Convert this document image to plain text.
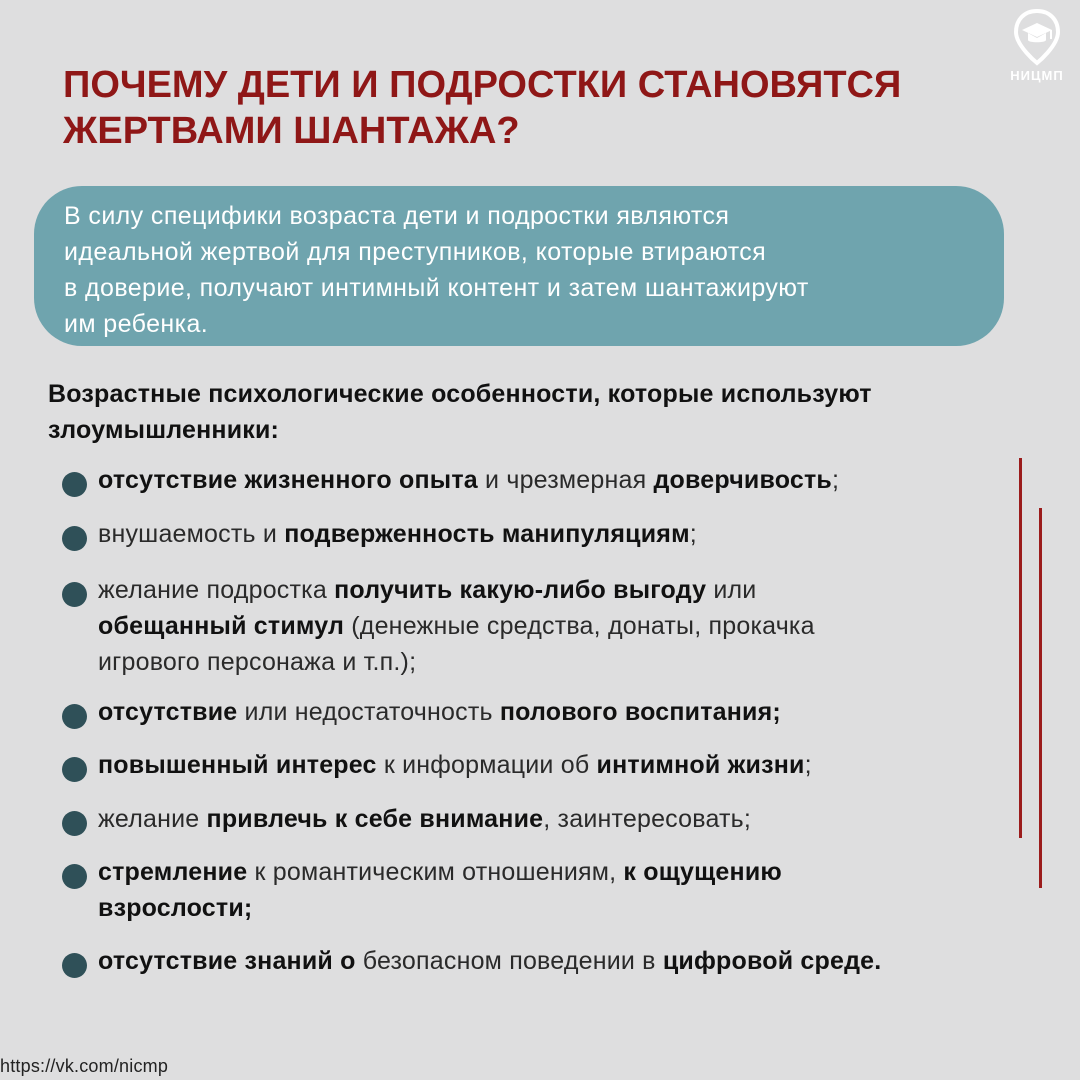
ПОЧЕМУ ДЕТИ И ПОДРОСТКИ СТАНОВЯТСЯ
ЖЕРТВАМИ ШАНТАЖА?
НИЦМП
В силу специфики возраста дети и подростки являются
идеальной жертвой для преступников, которые втираются
в доверие, получают интимный контент и затем шантажируют
им ребенка.
Возрастные психологические особенности, которые используют
злоумышленники:
отсутствие жизненного опыта и чрезмерная доверчивость;
внушаемость и подверженность манипуляциям;
желание подростка получить какую-либо выгоду или
обещанный стимул (денежные средства, донаты, прокачка
игрового персонажа и т.п.);
отсутствие или недостаточность полового воспитания;
повышенный интерес к информации об интимной жизни;
желание привлечь к себе внимание, заинтересовать;
стремление к романтическим отношениям, к ощущению
взрослости;
отсутствие знаний о безопасном поведении в цифровой среде.
https://vk.com/nicmp
